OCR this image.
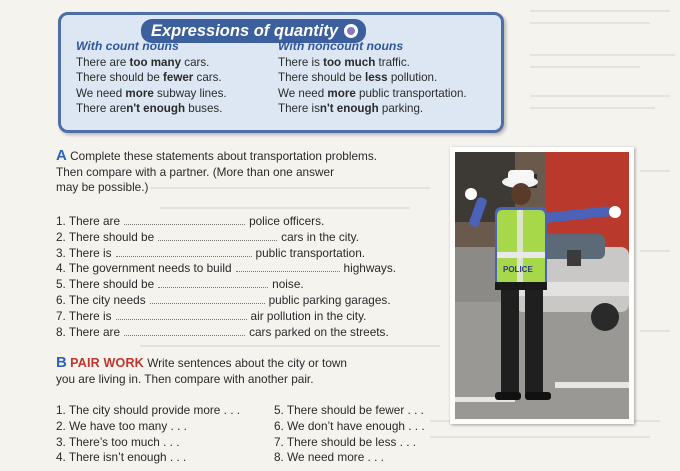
Expressions of quantity
With count nouns
There are too many cars.
There should be fewer cars.
We need more subway lines.
There aren't enough buses.
With noncount nouns
There is too much traffic.
There should be less pollution.
We need more public transportation.
There isn't enough parking.
A Complete these statements about transportation problems.
Then compare with a partner. (More than one answer
may be possible.)
1. There are	police officers.
2. There should be	cars in the city.
3. There is	public transportation.
4. The government needs to build	highways.
5. There should be	noise.
6. The city needs	public parking garages.
7. There is	air pollution in the city.
8. There are	cars parked on the streets.
B PAIR WORK Write sentences about the city or town
you are living in. Then compare with another pair.
1. The city should provide more . . .
2. We have too many . . .
3. There’s too much . . .
4. There isn’t enough . . .
5. There should be fewer . . .
6. We don’t have enough . . .
7. There should be less . . .
8. We need more . . .
POLICE
